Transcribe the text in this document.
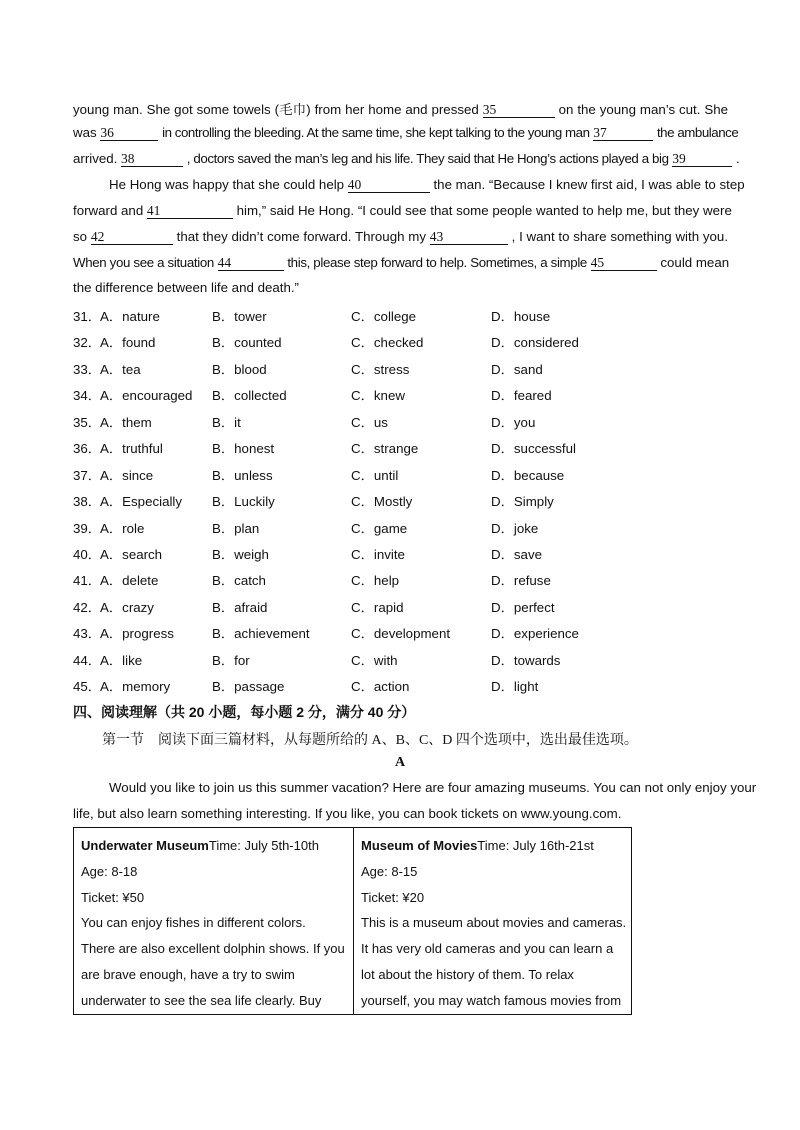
young man. She got some towels (毛巾) from her home and pressed 35	on the young man’s cut. She
was 36	in controlling the bleeding. At the same time, she kept talking to the young man 37	the ambulance
arrived. 38	, doctors saved the man’s leg and his life. They said that He Hong’s actions played a big 39	.
He Hong was happy that she could help 40	the man. “Because I knew first aid, I was able to step
forward and 41	him,” said He Hong. “I could see that some people wanted to help me, but they were
so 42	that they didn’t come forward. Through my 43	, I want to share something with you.
When you see a situation 44	this, please step forward to help. Sometimes, a simple 45	could mean
the difference between life and death.”
31．
A．nature	B．tower	C．college	D．house
32．
A．found	B．counted	C．checked	D．considered
33．
A．tea	B．blood	C．stress	D．sand
34．
A．encouraged B．collected	C．knew	D．feared
35．
A．them	B．it	C．us	D．you
36．
A．truthful	B．honest	C．strange	D．successful
37．
A．since	B．unless	C．until	D．because
38．
A．Especially B．Luckily	C．Mostly	D．Simply
39．
A．role	B．plan	C．game	D．joke
40．
A．search	B．weigh	C．invite	D．save
41．
A．delete	B．catch	C．help	D．refuse
42．
A．crazy	B．afraid	C．rapid	D．perfect
43．
A．progress	B．achievement	C．development	D．experience
44．
A．like	B．for	C．with	D．towards
45．
A．memory	B．passage	C．action	D．light
四、阅读理解（共 20 小题，每小题 2 分，满分 40 分）
第一节　阅读下面三篇材料，从每题所给的 A、B、C、D 四个选项中，选出最佳选项。
A
Would you like to join us this summer vacation? Here are four amazing museums. You can not only enjoy your
life, but also learn something interesting. If you like, you can book tickets on www.young.com.
Underwater MuseumTime: July 5th-10th
Age: 8-18
Ticket: ¥50
You can enjoy fishes in different colors.
There are also excellent dolphin shows. If you
are brave enough, have a try to swim
underwater to see the sea life clearly. Buy

Museum of MoviesTime: July 16th-21st
Age: 8-15
Ticket: ¥20
This is a museum about movies and cameras.
It has very old cameras and you can learn a
lot about the history of them. To relax
yourself, you may watch famous movies from
